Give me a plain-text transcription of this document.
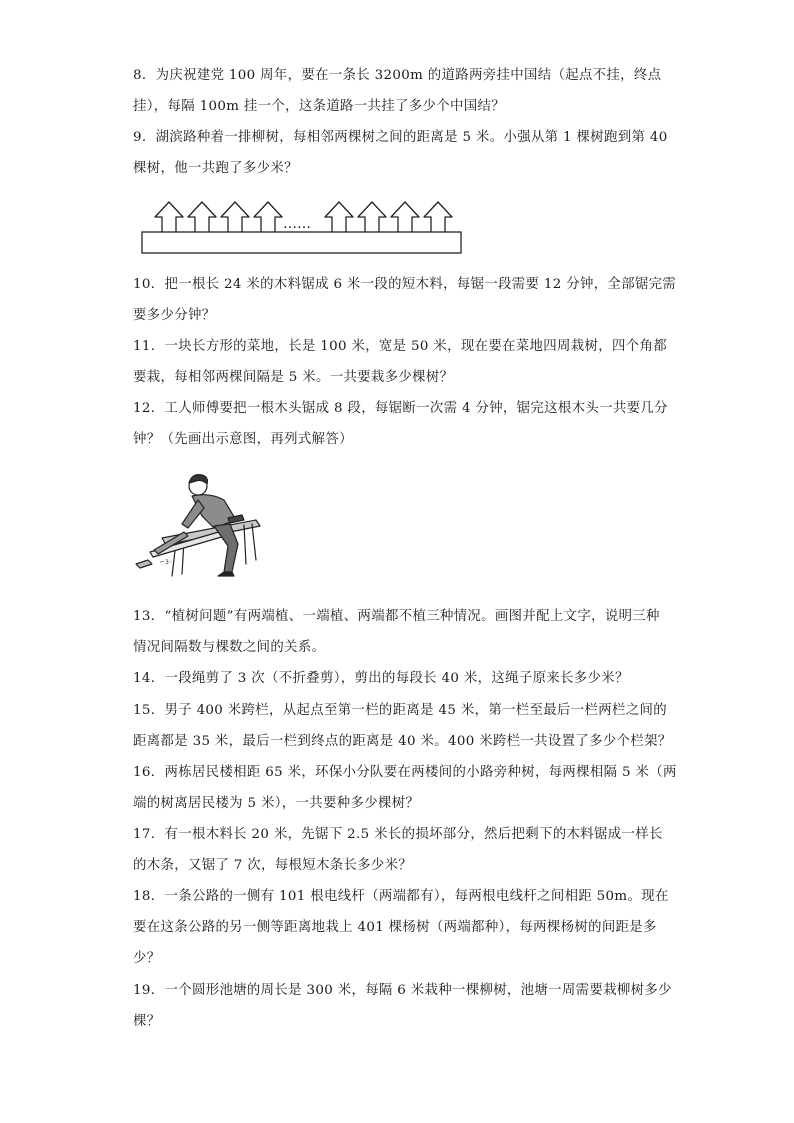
8．为庆祝建党 100 周年，要在一条长 3200m 的道路两旁挂中国结（起点不挂，终点
挂），每隔 100m 挂一个，这条道路一共挂了多少个中国结？
9．湖滨路种着一排柳树，每相邻两棵树之间的距离是 5 米。小强从第 1 棵树跑到第 40
棵树，他一共跑了多少米？
……
10．把一根长 24 米的木料锯成 6 米一段的短木料，每锯一段需要 12 分钟，全部锯完需
要多少分钟？
11．一块长方形的菜地，长是 100 米，宽是 50 米，现在要在菜地四周栽树，四个角都
要栽，每相邻两棵间隔是 5 米。一共要栽多少棵树？
12．工人师傅要把一根木头锯成 8 段，每锯断一次需 4 分钟，锯完这根木头一共要几分
钟？（先画出示意图，再列式解答）
⌐3◦
13．“植树问题”有两端植、一端植、两端都不植三种情况。画图并配上文字，说明三种
情况间隔数与棵数之间的关系。
14．一段绳剪了 3 次（不折叠剪），剪出的每段长 40 米，这绳子原来长多少米？
15．男子 400 米跨栏，从起点至第一栏的距离是 45 米，第一栏至最后一栏两栏之间的
距离都是 35 米，最后一栏到终点的距离是 40 米。400 米跨栏一共设置了多少个栏架？
16．两栋居民楼相距 65 米，环保小分队要在两楼间的小路旁种树，每两棵相隔 5 米（两
端的树离居民楼为 5 米），一共要种多少棵树？
17．有一根木料长 20 米，先锯下 2.5 米长的损坏部分，然后把剩下的木料锯成一样长
的木条，又锯了 7 次，每根短木条长多少米？
18．一条公路的一侧有 101 根电线杆（两端都有），每两根电线杆之间相距 50m。现在
要在这条公路的另一侧等距离地栽上 401 棵杨树（两端都种），每两棵杨树的间距是多
少？
19．一个圆形池塘的周长是 300 米，每隔 6 米栽种一棵柳树，池塘一周需要栽柳树多少
棵？
